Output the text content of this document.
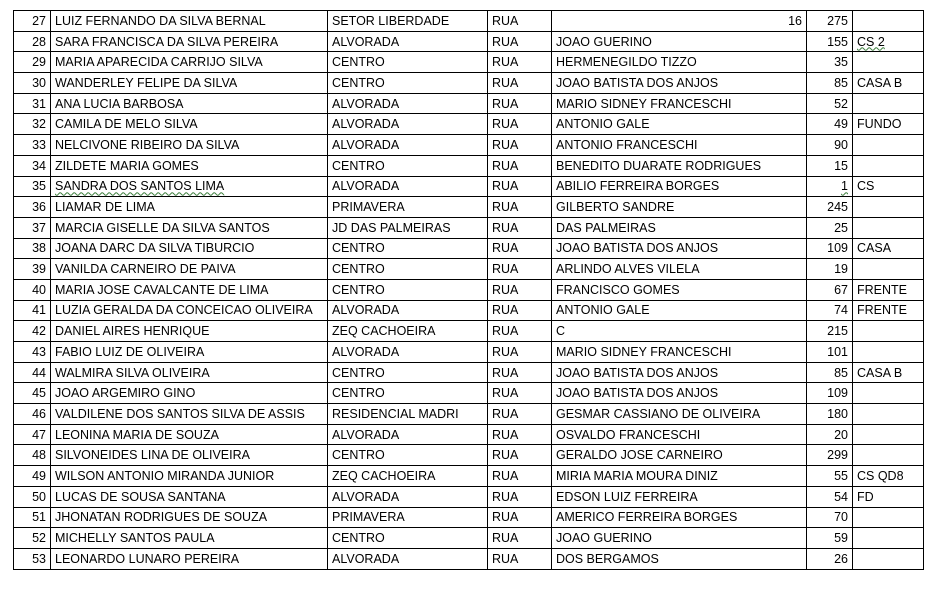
27	LUIZ FERNANDO DA SILVA BERNAL	SETOR LIBERDADE	RUA	16	275	
28	SARA FRANCISCA DA SILVA PEREIRA	ALVORADA	RUA	JOAO GUERINO	155	CS 2
29	MARIA APARECIDA CARRIJO SILVA	CENTRO	RUA	HERMENEGILDO TIZZO	35	
30	WANDERLEY FELIPE DA SILVA	CENTRO	RUA	JOAO BATISTA DOS ANJOS	85	CASA B
31	ANA LUCIA BARBOSA	ALVORADA	RUA	MARIO SIDNEY FRANCESCHI	52	
32	CAMILA DE MELO SILVA	ALVORADA	RUA	ANTONIO GALE	49	FUNDO
33	NELCIVONE RIBEIRO DA SILVA	ALVORADA	RUA	ANTONIO FRANCESCHI	90	
34	ZILDETE MARIA GOMES	CENTRO	RUA	BENEDITO DUARATE RODRIGUES	15	
35	SANDRA DOS SANTOS LIMA	ALVORADA	RUA	ABILIO FERREIRA BORGES	1	CS
36	LIAMAR DE LIMA	PRIMAVERA	RUA	GILBERTO SANDRE	245	
37	MARCIA GISELLE DA SILVA SANTOS	JD DAS PALMEIRAS	RUA	DAS PALMEIRAS	25	
38	JOANA DARC DA SILVA TIBURCIO	CENTRO	RUA	JOAO BATISTA DOS ANJOS	109	CASA
39	VANILDA CARNEIRO DE PAIVA	CENTRO	RUA	ARLINDO ALVES VILELA	19	
40	MARIA JOSE CAVALCANTE DE LIMA	CENTRO	RUA	FRANCISCO GOMES	67	FRENTE
41	LUZIA GERALDA DA CONCEICAO OLIVEIRA	ALVORADA	RUA	ANTONIO GALE	74	FRENTE
42	DANIEL AIRES HENRIQUE	ZEQ CACHOEIRA	RUA	C	215	
43	FABIO LUIZ DE OLIVEIRA	ALVORADA	RUA	MARIO SIDNEY FRANCESCHI	101	
44	WALMIRA SILVA OLIVEIRA	CENTRO	RUA	JOAO BATISTA DOS ANJOS	85	CASA B
45	JOAO ARGEMIRO GINO	CENTRO	RUA	JOAO BATISTA DOS ANJOS	109	
46	VALDILENE DOS SANTOS SILVA DE ASSIS	RESIDENCIAL MADRI	RUA	GESMAR CASSIANO DE OLIVEIRA	180	
47	LEONINA MARIA DE SOUZA	ALVORADA	RUA	OSVALDO FRANCESCHI	20	
48	SILVONEIDES LINA DE OLIVEIRA	CENTRO	RUA	GERALDO JOSE CARNEIRO	299	
49	WILSON ANTONIO MIRANDA JUNIOR	ZEQ CACHOEIRA	RUA	MIRIA MARIA MOURA DINIZ	55	CS QD8
50	LUCAS DE SOUSA SANTANA	ALVORADA	RUA	EDSON LUIZ FERREIRA	54	FD
51	JHONATAN RODRIGUES DE SOUZA	PRIMAVERA	RUA	AMERICO FERREIRA BORGES	70	
52	MICHELLY SANTOS PAULA	CENTRO	RUA	JOAO GUERINO	59	
53	LEONARDO LUNARO PEREIRA	ALVORADA	RUA	DOS BERGAMOS	26	
